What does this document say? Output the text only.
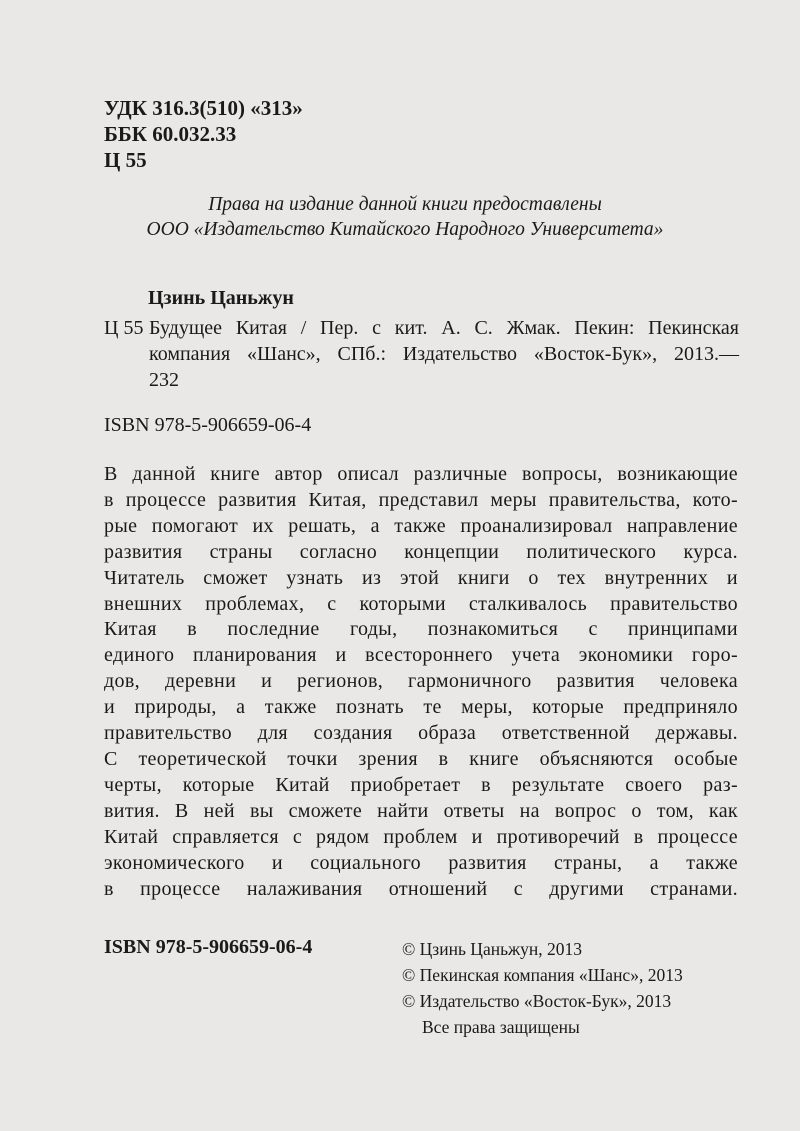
УДК 316.3(510) «313»
ББК 60.032.33
Ц 55
Права на издание данной книги предоставлены
ООО «Издательство Китайского Народного Университета»
Цзинь Цаньжун
Ц 55 Будущее Китая / Пер. с кит. А. С. Жмак. Пекин: Пекинская
компания «Шанс», СПб.: Издательство «Восток-Бук», 2013.—
232
ISBN 978-5-906659-06-4
В данной книге автор описал различные вопросы, возникающие
в процессе развития Китая, представил меры правительства, кото-
рые помогают их решать, а также проанализировал направление
развития страны согласно концепции политического курса.
Читатель сможет узнать из этой книги о тех внутренних и
внешних проблемах, с которыми сталкивалось правительство
Китая в последние годы, познакомиться с принципами
единого планирования и всестороннего учета экономики горо-
дов, деревни и регионов, гармоничного развития человека
и природы, а также познать те меры, которые предприняло
правительство для создания образа ответственной державы.
С теоретической точки зрения в книге объясняются особые
черты, которые Китай приобретает в результате своего раз-
вития. В ней вы сможете найти ответы на вопрос о том, как
Китай справляется с рядом проблем и противоречий в процессе
экономического и социального развития страны, а также
в процессе налаживания отношений с другими странами.
ISBN 978-5-906659-06-4	© Цзинь Цаньжун, 2013
© Пекинская компания «Шанс», 2013
© Издательство «Восток-Бук», 2013
Все права защищены
